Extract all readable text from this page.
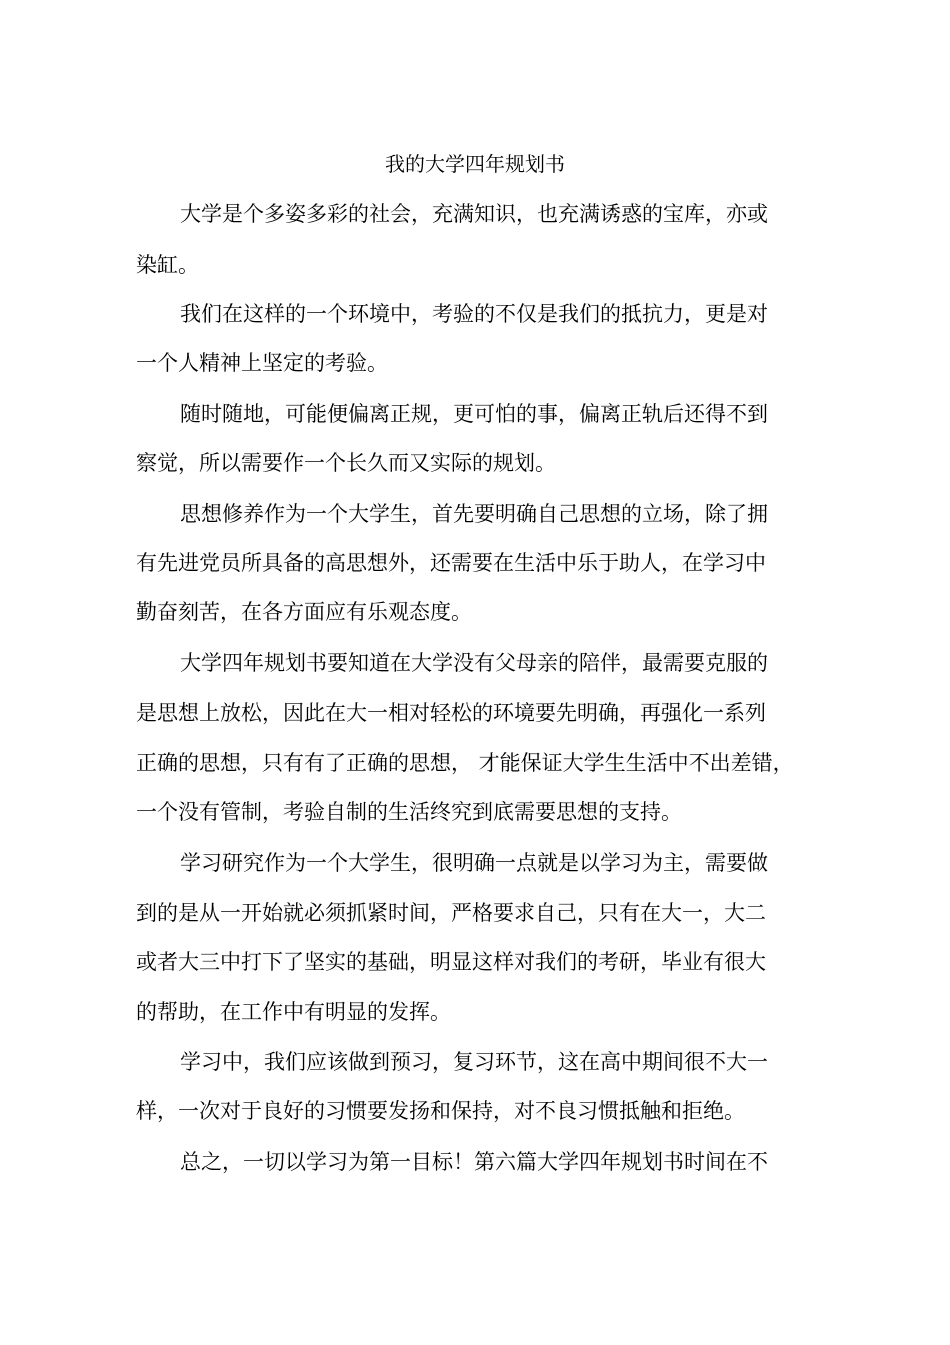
我的大学四年规划书
大学是个多姿多彩的社会，充满知识，也充满诱惑的宝库，亦或
染缸。
我们在这样的一个环境中，考验的不仅是我们的抵抗力，更是对
一个人精神上坚定的考验。
随时随地，可能便偏离正规，更可怕的事，偏离正轨后还得不到
察觉，所以需要作一个长久而又实际的规划。
思想修养作为一个大学生，首先要明确自己思想的立场，除了拥
有先进党员所具备的高思想外，还需要在生活中乐于助人，在学习中
勤奋刻苦，在各方面应有乐观态度。
大学四年规划书要知道在大学没有父母亲的陪伴，最需要克服的
是思想上放松，因此在大一相对轻松的环境要先明确，再强化一系列
正确的思想，只有有了正确的思想， 才能保证大学生生活中不出差错，
一个没有管制，考验自制的生活终究到底需要思想的支持。
学习研究作为一个大学生，很明确一点就是以学习为主，需要做
到的是从一开始就必须抓紧时间，严格要求自己，只有在大一，大二
或者大三中打下了坚实的基础，明显这样对我们的考研，毕业有很大
的帮助，在工作中有明显的发挥。
学习中，我们应该做到预习，复习环节，这在高中期间很不大一
样，一次对于良好的习惯要发扬和保持，对不良习惯抵触和拒绝。
总之，一切以学习为第一目标！第六篇大学四年规划书时间在不
